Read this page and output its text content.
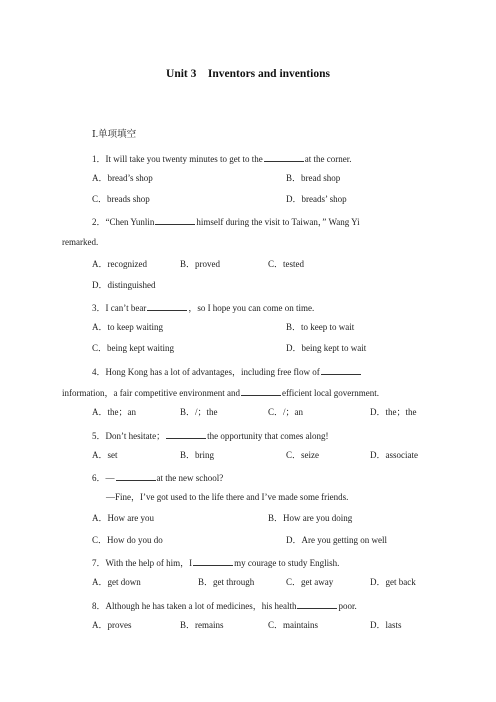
Unit 3　Inventors and inventions
Ⅰ.单项填空
1．It will take you twenty minutes to get to the	at the corner.
A．bread’s shop	B．bread shop
C．breads shop	D．breads’ shop
2．“Chen Yunlin	himself during the visit to Taiwan，” Wang Yi
remarked.
A．recognized	B．proved	C．tested
D．distinguished
3．I can’t bear	，so I hope you can come on time.
A．to keep waiting	B．to keep to wait
C．being kept waiting	D．being kept to wait
4．Hong Kong has a lot of advantages，including free flow of
information，a fair competitive environment and	efficient local government.
A．the；an	B．/；the	C．/；an	D．the；the
5．Don’t hesitate；	the opportunity that comes along!
A．set	B．bring	C．seize	D．associate
6．—	at the new school?
—Fine，I’ve got used to the life there and I’ve made some friends.
A．How are you	B．How are you doing
C．How do you do	D．Are you getting on well
7．With the help of him，I	my courage to study English.
A．get down	B．get through	C．get away	D．get back
8．Although he has taken a lot of medicines，his health	poor.
A．proves	B．remains	C．maintains	D．lasts
